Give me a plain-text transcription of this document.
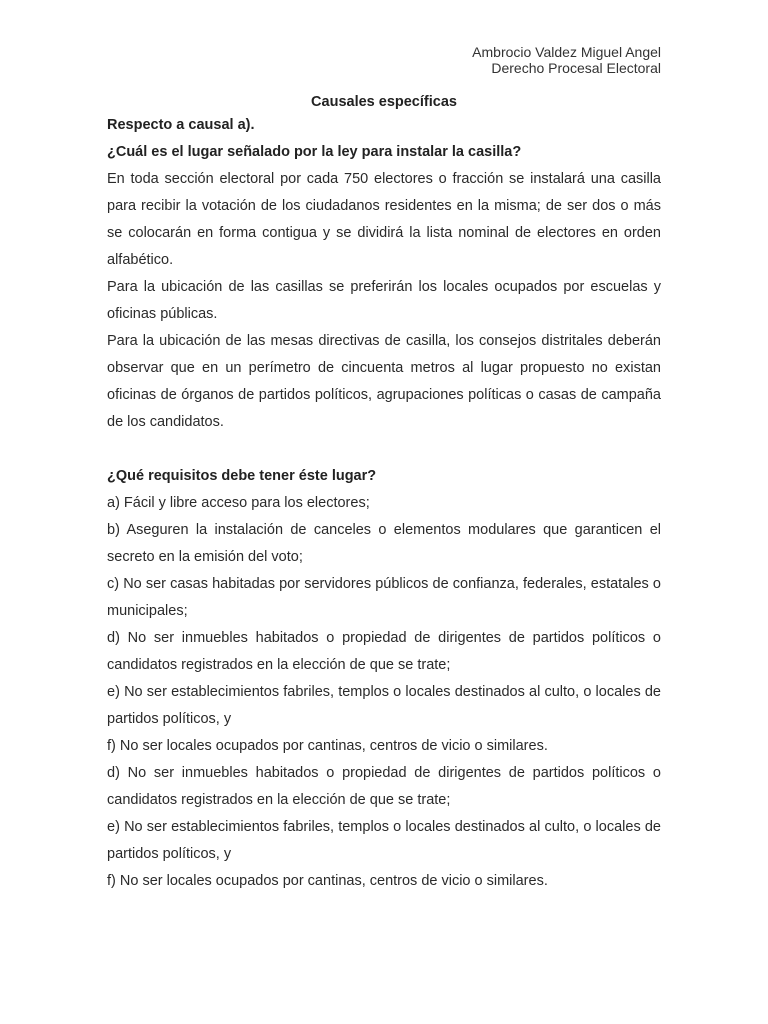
Ambrocio Valdez Miguel Angel
Derecho Procesal Electoral
Causales específicas

Respecto a causal a).

¿Cuál es el lugar señalado por la ley para instalar la casilla?

En toda sección electoral por cada 750 electores o fracción se instalará una casilla para recibir la votación de los ciudadanos residentes en la misma; de ser dos o más se colocarán en forma contigua y se dividirá la lista nominal de electores en orden alfabético.

Para la ubicación de las casillas se preferirán los locales ocupados por escuelas y oficinas públicas.

Para la ubicación de las mesas directivas de casilla, los consejos distritales deberán observar que en un perímetro de cincuenta metros al lugar propuesto no existan oficinas de órganos de partidos políticos, agrupaciones políticas o casas de campaña de los candidatos.

¿Qué requisitos debe tener éste lugar?

a) Fácil y libre acceso para los electores;

b) Aseguren la instalación de canceles o elementos modulares que garanticen el secreto en la emisión del voto;

c) No ser casas habitadas por servidores públicos de confianza, federales, estatales o municipales;

d) No ser inmuebles habitados o propiedad de dirigentes de partidos políticos o candidatos registrados en la elección de que se trate;

e) No ser establecimientos fabriles, templos o locales destinados al culto, o locales de partidos políticos, y

f) No ser locales ocupados por cantinas, centros de vicio o similares.

d) No ser inmuebles habitados o propiedad de dirigentes de partidos políticos o candidatos registrados en la elección de que se trate;

e) No ser establecimientos fabriles, templos o locales destinados al culto, o locales de partidos políticos, y

f) No ser locales ocupados por cantinas, centros de vicio o similares.
